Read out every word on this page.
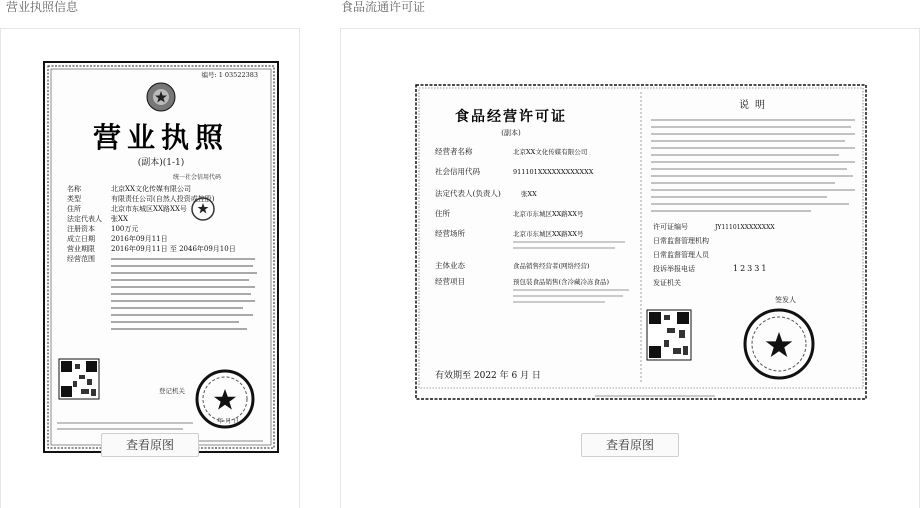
营业执照信息
编号: 1 03522383
营业执照
(副本)(1-1)
统一社会信用代码
名称	北京XX文化传媒有限公司
类型	有限责任公司(自然人投资或控股)
住所	北京市东城区XX路XX号
法定代表人 张XX
注册资本 100万元
成立日期 2016年09月11日
营业期限 2016年09月11日 至 2046年09月10日
经营范围
登记机关
年 月 日
查看原图
食品流通许可证
食品经营许可证
(副本)
经营者名称	北京XX文化传媒有限公司
社会信用代码	911101XXXXXXXXXXXX
法定代表人(负责人)	张XX
住所	北京市东城区XX路XX号
经营场所	北京市东城区XX路XX号
主体业态	食品销售经营者(网络经营)
经营项目	预包装食品销售(含冷藏冷冻食品)
有效期至 2022 年 6 月 日
说明
许可证编号	JY11101XXXXXXXX
日常监督管理机构
日常监督管理人员
投诉举报电话	12331
发证机关
签发人
查看原图
